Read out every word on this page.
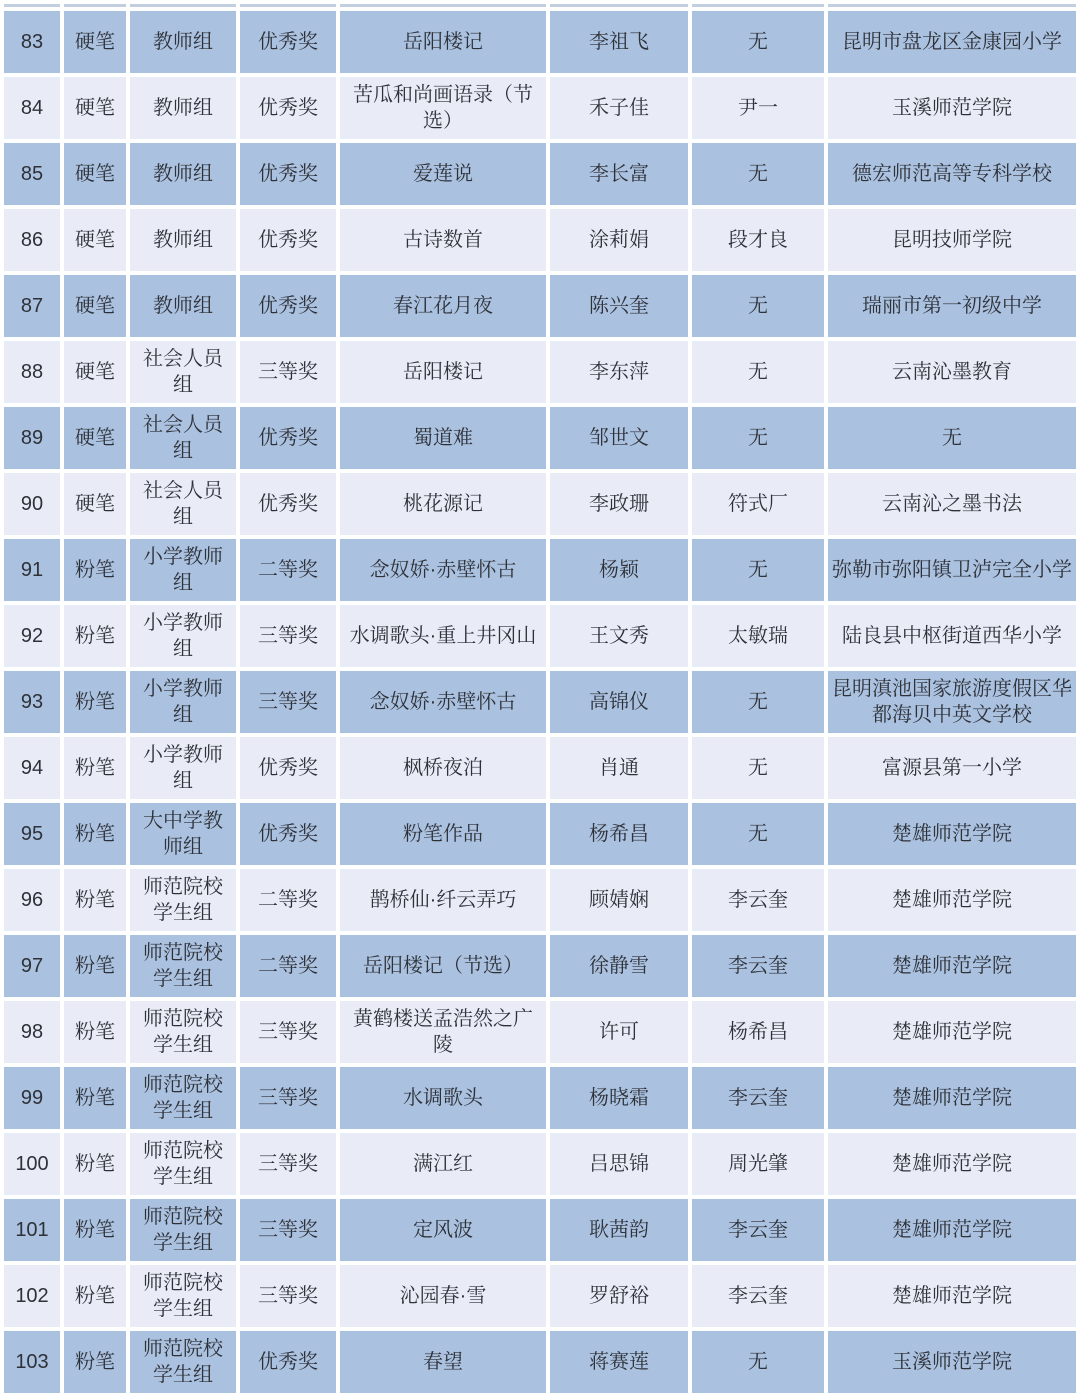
83	硬笔	教师组	优秀奖	岳阳楼记	李祖飞	无	昆明市盘龙区金康园小学
84	硬笔	教师组	优秀奖	苦瓜和尚画语录（节选）	禾子佳	尹一	玉溪师范学院
85	硬笔	教师组	优秀奖	爱莲说	李长富	无	德宏师范高等专科学校
86	硬笔	教师组	优秀奖	古诗数首	涂莉娟	段才良	昆明技师学院
87	硬笔	教师组	优秀奖	春江花月夜	陈兴奎	无	瑞丽市第一初级中学
88	硬笔	社会人员组	三等奖	岳阳楼记	李东萍	无	云南沁墨教育
89	硬笔	社会人员组	优秀奖	蜀道难	邹世文	无	无
90	硬笔	社会人员组	优秀奖	桃花源记	李政珊	符式厂	云南沁之墨书法
91	粉笔	小学教师组	二等奖	念奴娇·赤壁怀古	杨颖	无	弥勒市弥阳镇卫泸完全小学
92	粉笔	小学教师组	三等奖	水调歌头·重上井冈山	王文秀	太敏瑞	陆良县中枢街道西华小学
93	粉笔	小学教师组	三等奖	念奴娇·赤壁怀古	高锦仪	无	昆明滇池国家旅游度假区华都海贝中英文学校
94	粉笔	小学教师组	优秀奖	枫桥夜泊	肖通	无	富源县第一小学
95	粉笔	大中学教师组	优秀奖	粉笔作品	杨希昌	无	楚雄师范学院
96	粉笔	师范院校学生组	二等奖	鹊桥仙·纤云弄巧	顾婧娴	李云奎	楚雄师范学院
97	粉笔	师范院校学生组	二等奖	岳阳楼记（节选）	徐静雪	李云奎	楚雄师范学院
98	粉笔	师范院校学生组	三等奖	黄鹤楼送孟浩然之广陵	许可	杨希昌	楚雄师范学院
99	粉笔	师范院校学生组	三等奖	水调歌头	杨晓霜	李云奎	楚雄师范学院
100	粉笔	师范院校学生组	三等奖	满江红	吕思锦	周光肇	楚雄师范学院
101	粉笔	师范院校学生组	三等奖	定风波	耿茜韵	李云奎	楚雄师范学院
102	粉笔	师范院校学生组	三等奖	沁园春·雪	罗舒裕	李云奎	楚雄师范学院
103	粉笔	师范院校学生组	优秀奖	春望	蒋赛莲	无	玉溪师范学院
